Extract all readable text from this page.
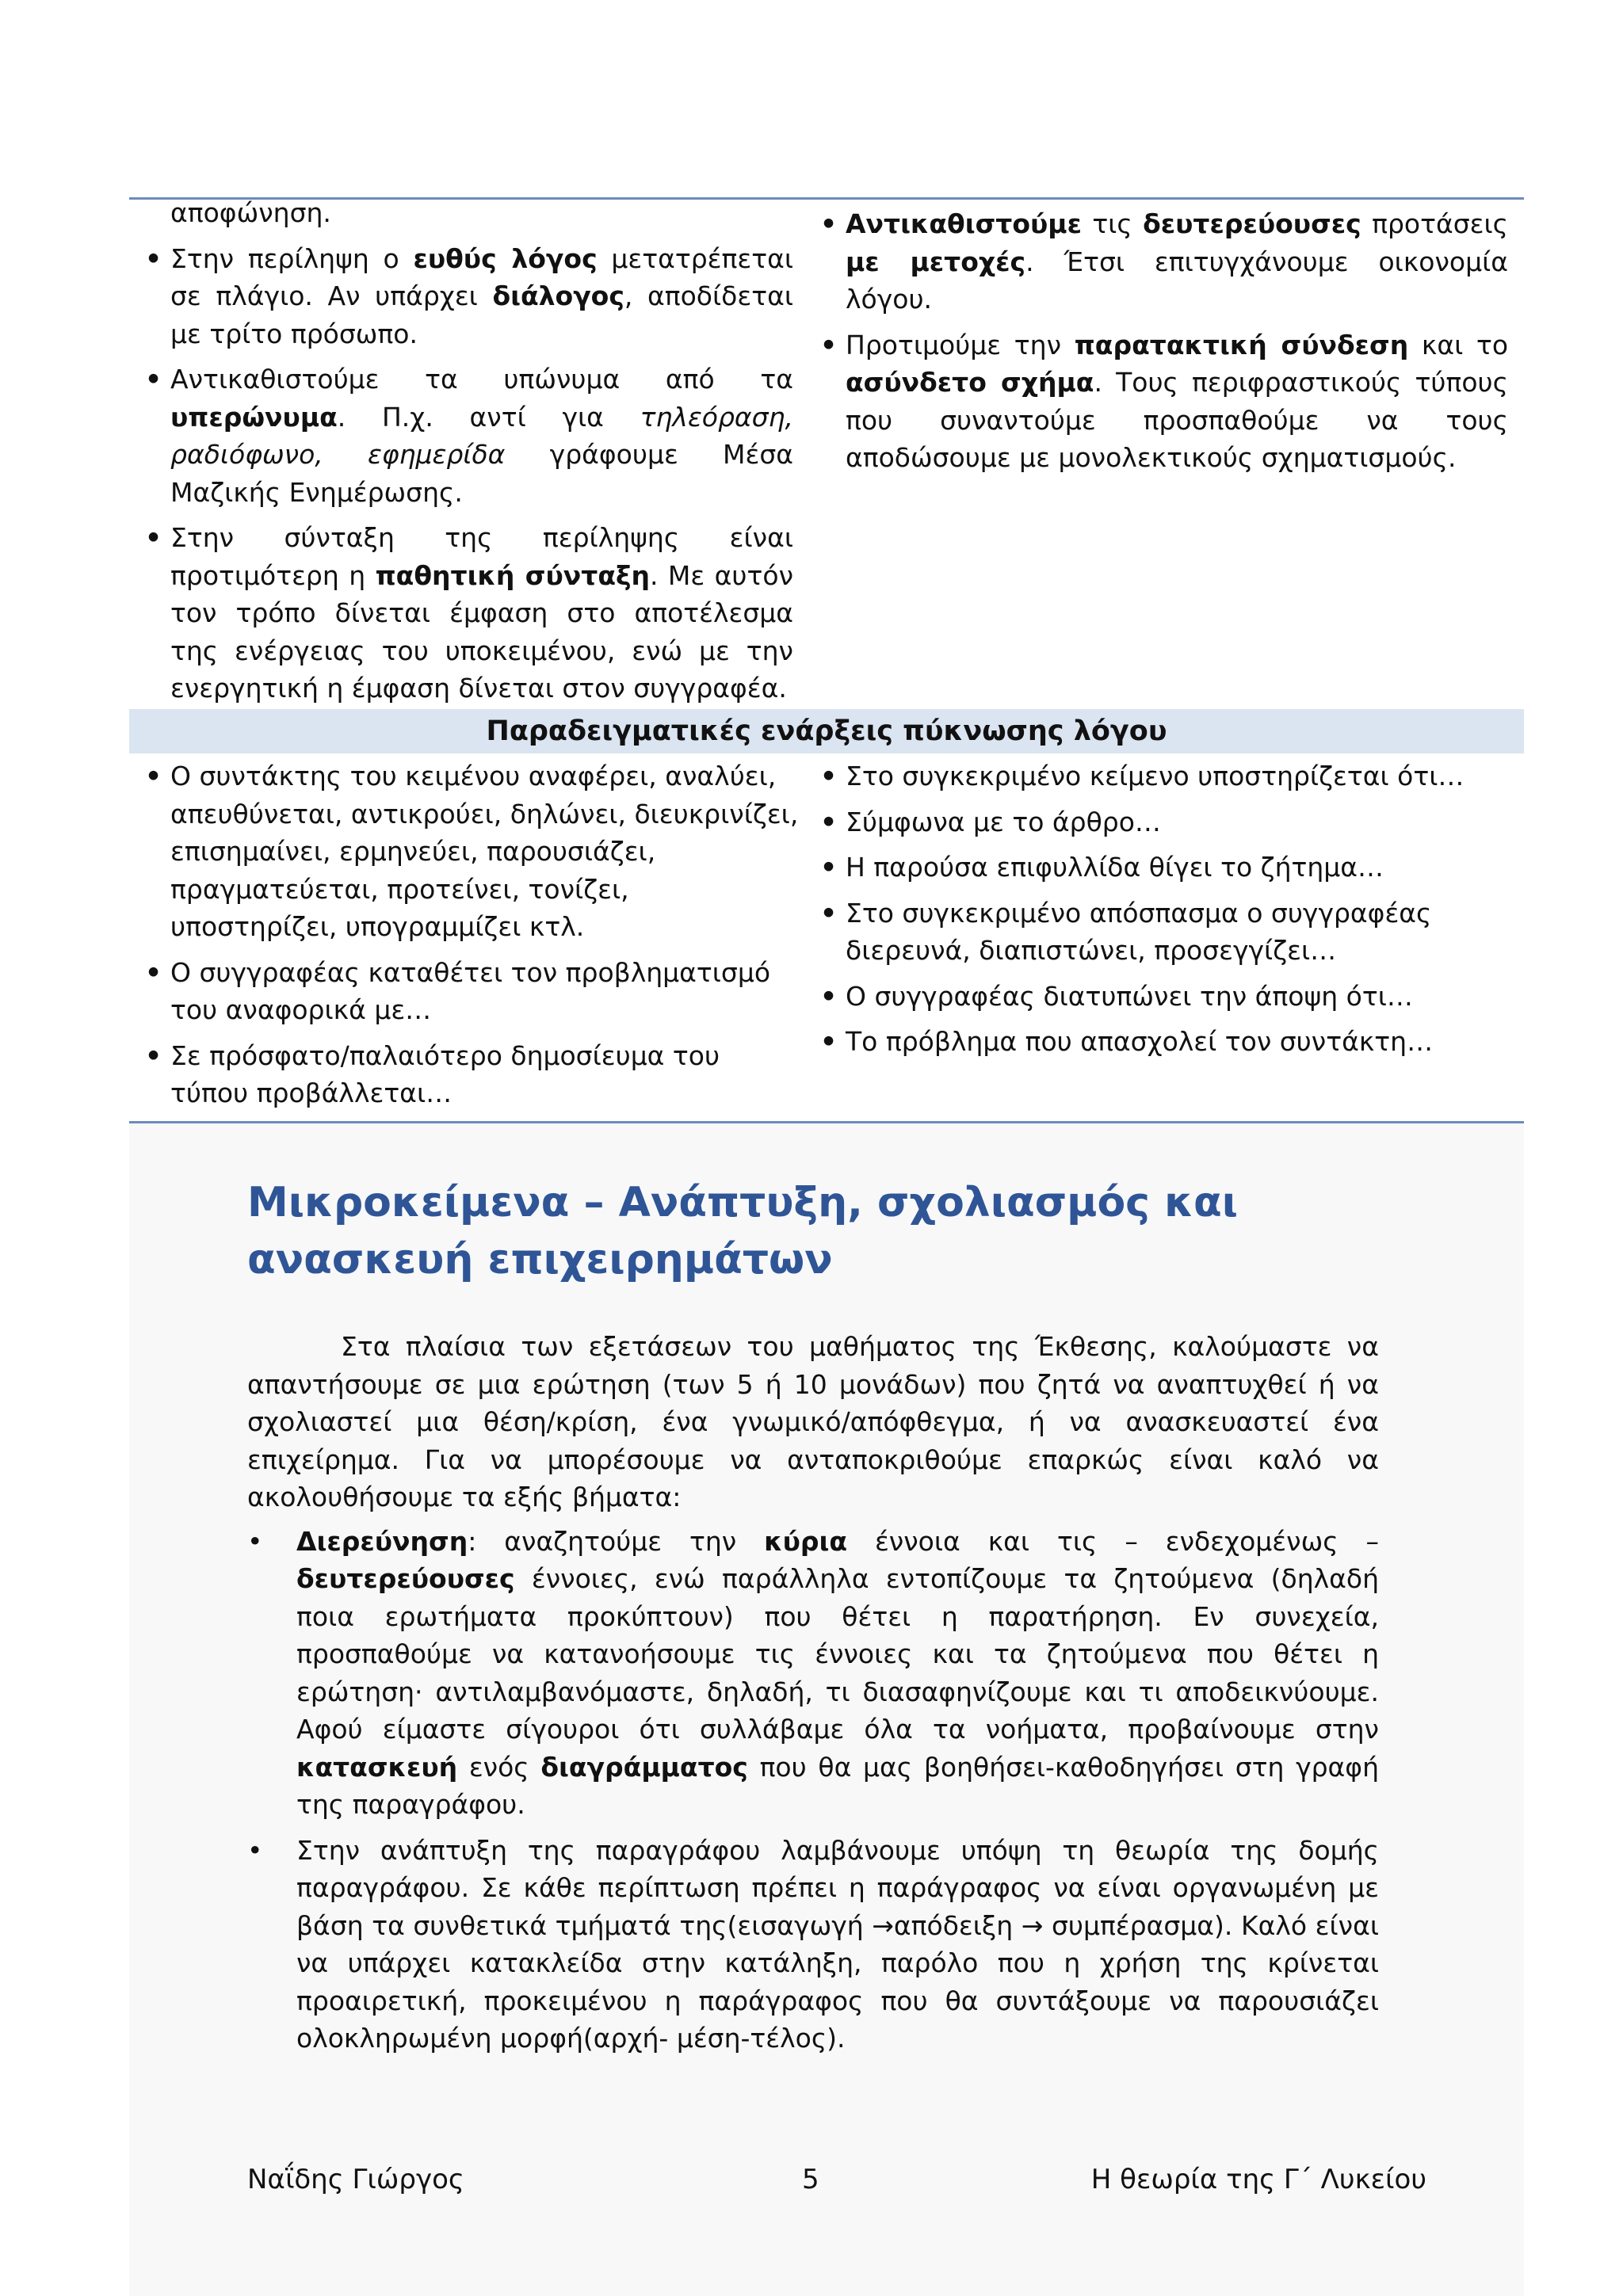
αποφώνηση.
• Στην περίληψη ο ευθύς λόγος μετατρέπεται σε πλάγιο. Αν υπάρχει διάλογος, αποδίδεται με τρίτο πρόσωπο.
• Αντικαθιστούμε τα υπώνυμα από τα υπερώνυμα. Π.χ. αντί για τηλεόραση, ραδιόφωνο, εφημερίδα γράφουμε Μέσα Μαζικής Ενημέρωσης.
• Στην σύνταξη της περίληψης είναι προτιμότερη η παθητική σύνταξη. Με αυτόν τον τρόπο δίνεται έμφαση στο αποτέλεσμα της ενέργειας του υποκειμένου, ενώ με την ενεργητική η έμφαση δίνεται στον συγγραφέα.
• Αντικαθιστούμε τις δευτερεύουσες προτάσεις με μετοχές. Έτσι επιτυγχάνουμε οικονομία λόγου.
• Προτιμούμε την παρατακτική σύνδεση και το ασύνδετο σχήμα. Τους περιφραστικούς τύπους που συναντούμε προσπαθούμε να τους αποδώσουμε με μονολεκτικούς σχηματισμούς.
Παραδειγματικές ενάρξεις πύκνωσης λόγου
• Ο συντάκτης του κειμένου αναφέρει, αναλύει, απευθύνεται, αντικρούει, δηλώνει, διευκρινίζει, επισημαίνει, ερμηνεύει, παρουσιάζει, πραγματεύεται, προτείνει, τονίζει, υποστηρίζει, υπογραμμίζει κτλ.
• Ο συγγραφέας καταθέτει τον προβληματισμό του αναφορικά με…
• Σε πρόσφατο/παλαιότερο δημοσίευμα του τύπου προβάλλεται…
• Στο συγκεκριμένο κείμενο υποστηρίζεται ότι…
• Σύμφωνα με το άρθρο…
• Η παρούσα επιφυλλίδα θίγει το ζήτημα…
• Στο συγκεκριμένο απόσπασμα ο συγγραφέας διερευνά, διαπιστώνει, προσεγγίζει…
• Ο συγγραφέας διατυπώνει την άποψη ότι…
• Το πρόβλημα που απασχολεί τον συντάκτη…
Μικροκείμενα – Ανάπτυξη, σχολιασμός και ανασκευή επιχειρημάτων

Στα πλαίσια των εξετάσεων του μαθήματος της Έκθεσης, καλούμαστε να απαντήσουμε σε μια ερώτηση (των 5 ή 10 μονάδων) που ζητά να αναπτυχθεί ή να σχολιαστεί μια θέση/κρίση, ένα γνωμικό/απόφθεγμα, ή να ανασκευαστεί ένα επιχείρημα. Για να μπορέσουμε να ανταποκριθούμε επαρκώς είναι καλό να ακολουθήσουμε τα εξής βήματα:

• Διερεύνηση: αναζητούμε την κύρια έννοια και τις – ενδεχομένως – δευτερεύουσες έννοιες, ενώ παράλληλα εντοπίζουμε τα ζητούμενα (δηλαδή ποια ερωτήματα προκύπτουν) που θέτει η παρατήρηση. Εν συνεχεία, προσπαθούμε να κατανοήσουμε τις έννοιες και τα ζητούμενα που θέτει η ερώτηση· αντιλαμβανόμαστε, δηλαδή, τι διασαφηνίζουμε και τι αποδεικνύουμε. Αφού είμαστε σίγουροι ότι συλλάβαμε όλα τα νοήματα, προβαίνουμε στην κατασκευή ενός διαγράμματος που θα μας βοηθήσει-καθοδηγήσει στη γραφή της παραγράφου.
• Στην ανάπτυξη της παραγράφου λαμβάνουμε υπόψη τη θεωρία της δομής παραγράφου. Σε κάθε περίπτωση πρέπει η παράγραφος να είναι οργανωμένη με βάση τα συνθετικά τμήματά της(εισαγωγή →απόδειξη → συμπέρασμα). Καλό είναι να υπάρχει κατακλείδα στην κατάληξη, παρόλο που η χρήση της κρίνεται προαιρετική, προκειμένου η παράγραφος που θα συντάξουμε να παρουσιάζει ολοκληρωμένη μορφή(αρχή- μέση-τέλος).
Ναΐδης Γιώργος	5	Η θεωρία της Γ΄ Λυκείου
